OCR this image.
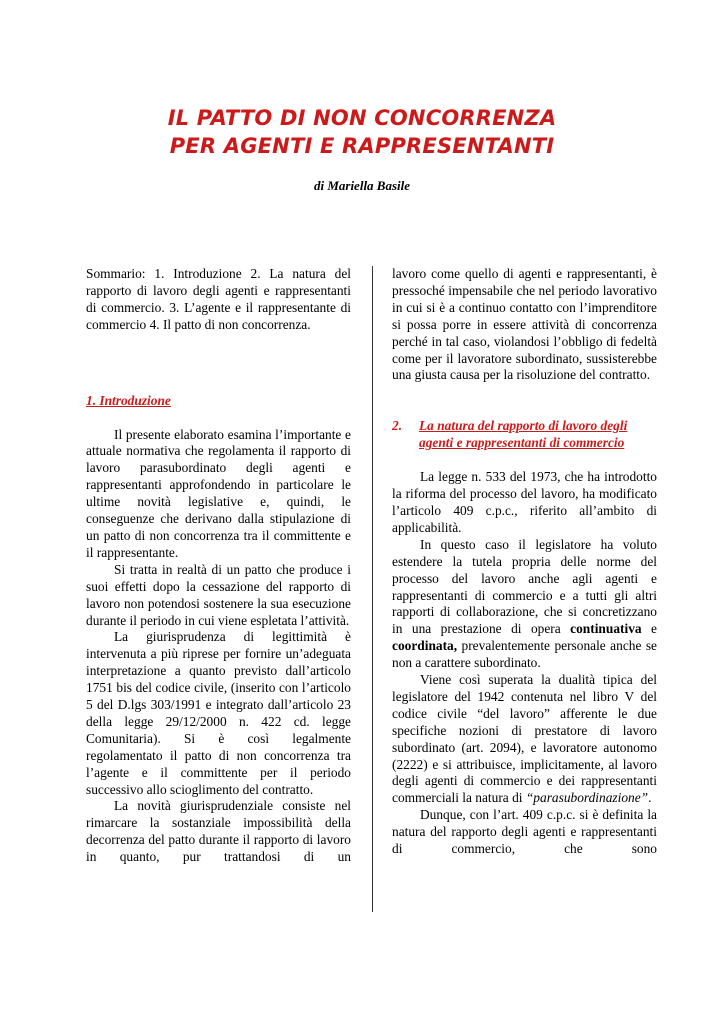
IL PATTO DI NON CONCORRENZA
PER AGENTI E RAPPRESENTANTI
di Mariella Basile

Sommario: 1. Introduzione 2. La natura del rapporto di lavoro degli agenti e rappresentanti di commercio. 3. L’agente e il rappresentante di commercio 4. Il patto di non concorrenza.

1. Introduzione

Il presente elaborato esamina l’importante e attuale normativa che regolamenta il rapporto di lavoro parasubordinato degli agenti e rappresentanti approfondendo in particolare le ultime novità legislative e, quindi, le conseguenze che derivano dalla stipulazione di un patto di non concorrenza tra il committente e il rappresentante.

Si tratta in realtà di un patto che produce i suoi effetti dopo la cessazione del rapporto di lavoro non potendosi sostenere la sua esecuzione durante il periodo in cui viene espletata l’attività.

La giurisprudenza di legittimità è intervenuta a più riprese per fornire un’adeguata interpretazione a quanto previsto dall’articolo 1751 bis del codice civile, (inserito con l’articolo 5 del D.lgs 303/1991 e integrato dall’articolo 23 della legge 29/12/2000 n. 422 cd. legge Comunitaria). Si è così legalmente regolamentato il patto di non concorrenza tra l’agente e il committente per il periodo successivo allo scioglimento del contratto.

La novità giurisprudenziale consiste nel rimarcare la sostanziale impossibilità della decorrenza del patto durante il rapporto di lavoro in quanto, pur trattandosi di un

lavoro come quello di agenti e rappresentanti, è pressoché impensabile che nel periodo lavorativo in cui si è a continuo contatto con l’imprenditore si possa porre in essere attività di concorrenza perché in tal caso, violandosi l’obbligo di fedeltà come per il lavoratore subordinato, sussisterebbe una giusta causa per la risoluzione del contratto.

2.	La natura del rapporto di lavoro degli
agenti e rappresentanti di commercio

La legge n. 533 del 1973, che ha introdotto la riforma del processo del lavoro, ha modificato l’articolo 409 c.p.c., riferito all’ambito di applicabilità.

In questo caso il legislatore ha voluto estendere la tutela propria delle norme del processo del lavoro anche agli agenti e rappresentanti di commercio e a tutti gli altri rapporti di collaborazione, che si concretizzano in una prestazione di opera continuativa e coordinata, prevalentemente personale anche se non a carattere subordinato.

Viene così superata la dualità tipica del legislatore del 1942 contenuta nel libro V del codice civile “del lavoro” afferente le due specifiche nozioni di prestatore di lavoro subordinato (art. 2094), e lavoratore autonomo (2222) e si attribuisce, implicitamente, al lavoro degli agenti di commercio e dei rappresentanti commerciali la natura di “parasubordinazione”.

Dunque, con l’art. 409 c.p.c. si è definita la natura del rapporto degli agenti e rappresentanti di commercio, che sono
